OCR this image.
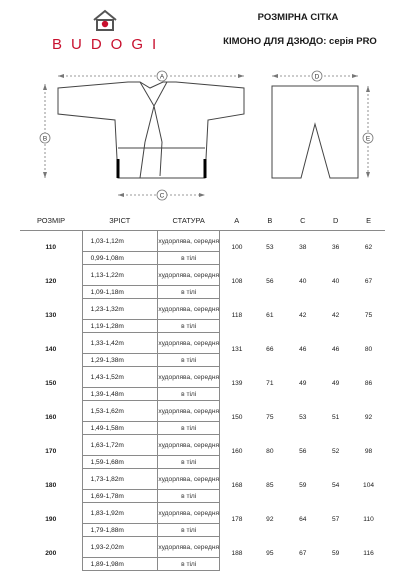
BUDOGI
РОЗМІРНА СІТКА
КІМОНО ДЛЯ ДЗЮДО: серія PRO
A
B
C
D
E
РОЗМІР	ЗРІСТ	СТАТУРА	A	B	C	D	E
110	1,03-1,12m	худорлява, середня	100	53	38	36	62
	0,99-1,08m	в тілі					
120	1,13-1,22m	худорлява, середня	108	56	40	40	67
	1,09-1,18m	в тілі					
130	1,23-1,32m	худорлява, середня	118	61	42	42	75
	1,19-1,28m	в тілі					
140	1,33-1,42m	худорлява, середня	131	66	46	46	80
	1,29-1,38m	в тілі					
150	1,43-1,52m	худорлява, середня	139	71	49	49	86
	1,39-1,48m	в тілі					
160	1,53-1,62m	худорлява, середня	150	75	53	51	92
	1,49-1,58m	в тілі					
170	1,63-1,72m	худорлява, середня	160	80	56	52	98
	1,59-1,68m	в тілі					
180	1,73-1,82m	худорлява, середня	168	85	59	54	104
	1,69-1,78m	в тілі					
190	1,83-1,92m	худорлява, середня	178	92	64	57	110
	1,79-1,88m	в тілі					
200	1,93-2,02m	худорлява, середня	188	95	67	59	116
	1,89-1,98m	в тілі					
